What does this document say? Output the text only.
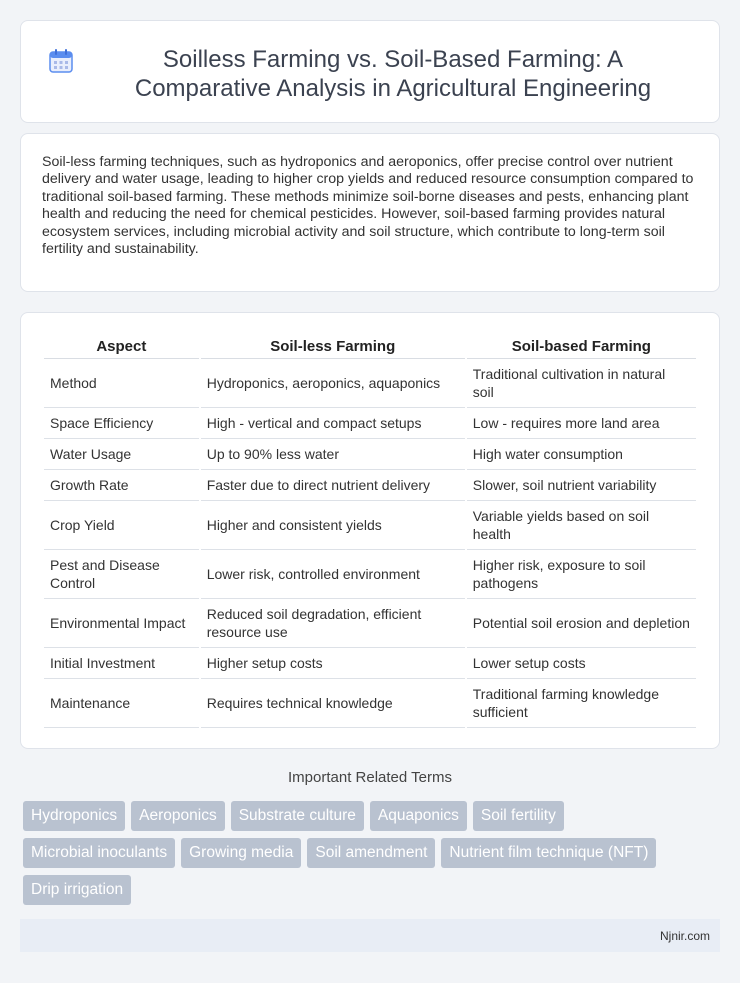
Soilless Farming vs. Soil-Based Farming: A Comparative Analysis in Agricultural Engineering

Soil-less farming techniques, such as hydroponics and aeroponics, offer precise control over nutrient delivery and water usage, leading to higher crop yields and reduced resource consumption compared to traditional soil-based farming. These methods minimize soil-borne diseases and pests, enhancing plant health and reducing the need for chemical pesticides. However, soil-based farming provides natural ecosystem services, including microbial activity and soil structure, which contribute to long-term soil fertility and sustainability.

Aspect	Soil-less Farming	Soil-based Farming
Method	Hydroponics, aeroponics, aquaponics	Traditional cultivation in natural soil
Space Efficiency	High - vertical and compact setups	Low - requires more land area
Water Usage	Up to 90% less water	High water consumption
Growth Rate	Faster due to direct nutrient delivery	Slower, soil nutrient variability
Crop Yield	Higher and consistent yields	Variable yields based on soil health
Pest and Disease Control	Lower risk, controlled environment	Higher risk, exposure to soil pathogens
Environmental Impact	Reduced soil degradation, efficient resource use	Potential soil erosion and depletion
Initial Investment	Higher setup costs	Lower setup costs
Maintenance	Requires technical knowledge	Traditional farming knowledge sufficient
Important Related Terms
Hydroponics	Aeroponics	Substrate culture	Aquaponics	Soil fertility
Microbial inoculants	Growing media	Soil amendment	Nutrient film technique (NFT)
Drip irrigation
Njnir.com
